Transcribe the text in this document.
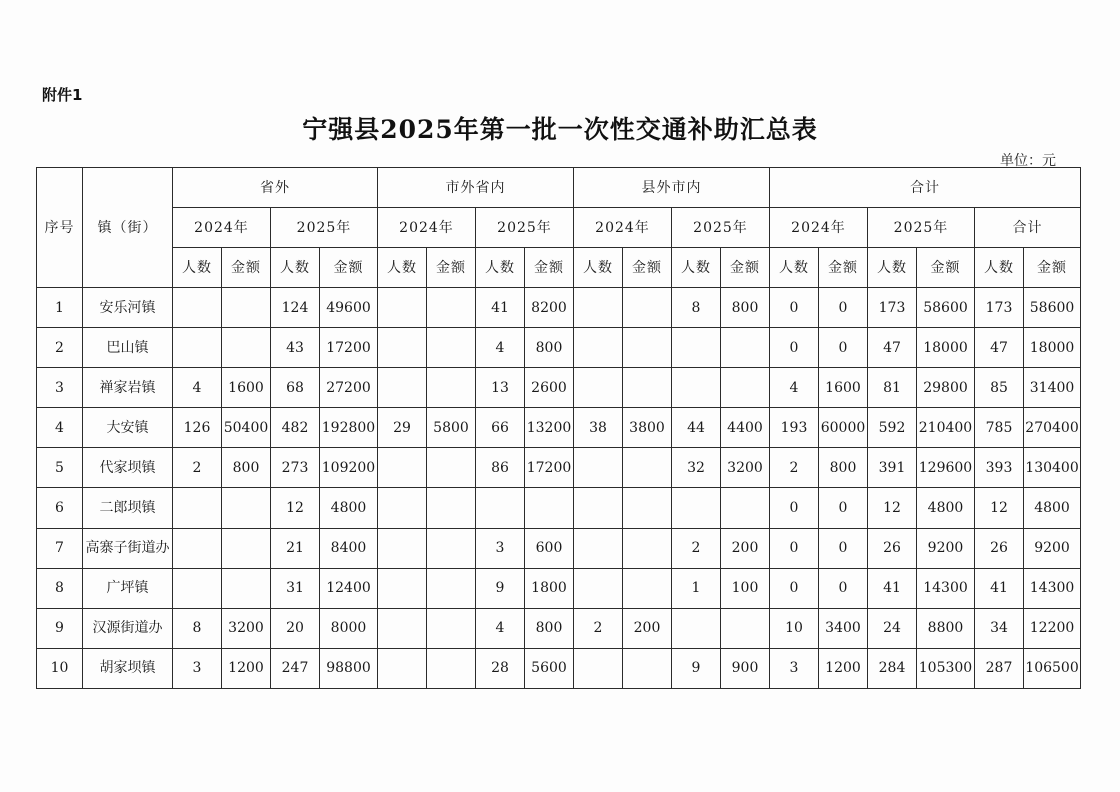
附件1
宁强县2025年第一批一次性交通补助汇总表
单位：元
序号	镇（街）	省外				市外省内				县外市内				合计					
		2024年		2025年		2024年		2025年		2024年		2025年		2024年		2025年		合计	
		人数	金额	人数	金额	人数	金额	人数	金额	人数	金额	人数	金额	人数	金额	人数	金额	人数	金额
1	安乐河镇			124	49600			41	8200			8	800	0	0	173	58600	173	58600
2	巴山镇			43	17200			4	800					0	0	47	18000	47	18000
3	禅家岩镇	4	1600	68	27200			13	2600					4	1600	81	29800	85	31400
4	大安镇	126	50400	482	192800	29	5800	66	13200	38	3800	44	4400	193	60000	592	210400	785	270400
5	代家坝镇	2	800	273	109200			86	17200			32	3200	2	800	391	129600	393	130400
6	二郎坝镇			12	4800									0	0	12	4800	12	4800
7	高寨子街道办			21	8400			3	600			2	200	0	0	26	9200	26	9200
8	广坪镇			31	12400			9	1800			1	100	0	0	41	14300	41	14300
9	汉源街道办	8	3200	20	8000			4	800	2	200			10	3400	24	8800	34	12200
10	胡家坝镇	3	1200	247	98800			28	5600			9	900	3	1200	284	105300	287	106500
